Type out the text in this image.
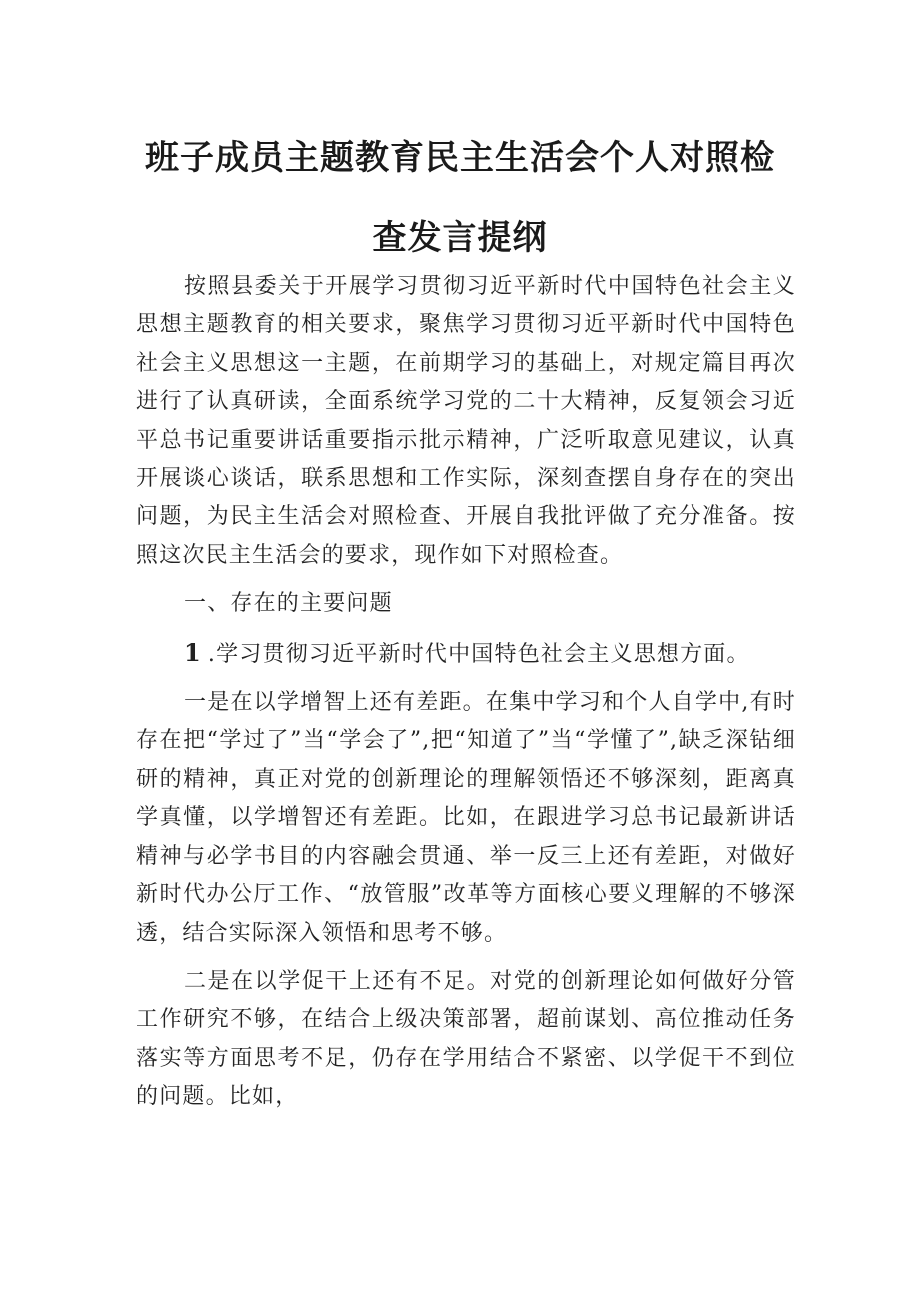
班子成员主题教育民主生活会个人对照检
查发言提纲

按照县委关于开展学习贯彻习近平新时代中国特色社会主义思想主题教育的相关要求，聚焦学习贯彻习近平新时代中国特色社会主义思想这一主题，在前期学习的基础上，对规定篇目再次进行了认真研读，全面系统学习党的二十大精神，反复领会习近平总书记重要讲话重要指示批示精神，广泛听取意见建议，认真开展谈心谈话，联系思想和工作实际，深刻查摆自身存在的突出问题，为民主生活会对照检查、开展自我批评做了充分准备。按照这次民主生活会的要求，现作如下对照检查。

一、存在的主要问题

1 .学习贯彻习近平新时代中国特色社会主义思想方面。

一是在以学增智上还有差距。在集中学习和个人自学中,有时存在把“学过了”当“学会了”,把“知道了”当“学懂了”,缺乏深钻细研的精神，真正对党的创新理论的理解领悟还不够深刻，距离真学真懂，以学增智还有差距。比如，在跟进学习总书记最新讲话精神与必学书目的内容融会贯通、举一反三上还有差距，对做好新时代办公厅工作、“放管服”改革等方面核心要义理解的不够深透，结合实际深入领悟和思考不够。

二是在以学促干上还有不足。对党的创新理论如何做好分管工作研究不够，在结合上级决策部署，超前谋划、高位推动任务落实等方面思考不足，仍存在学用结合不紧密、以学促干不到位的问题。比如，
